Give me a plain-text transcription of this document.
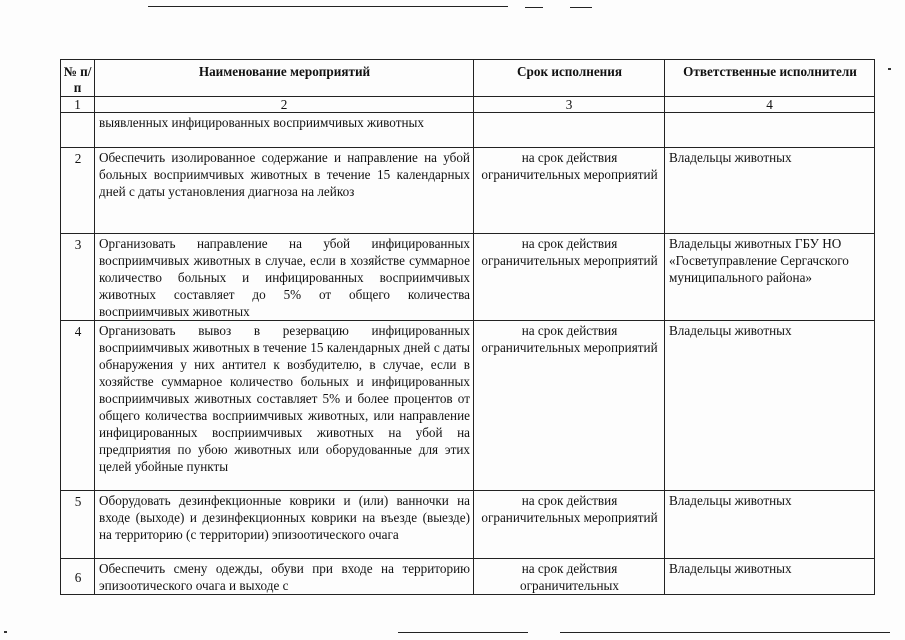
№ п/п	Наименование мероприятий	Срок исполнения	Ответственные исполнители
1	2	3	4
	выявленных инфицированных восприимчивых животных		
2	Обеспечить изолированное содержание и направление на убой больных восприимчивых животных в течение 15 календарных дней с даты установления диагноза на лейкоз	на срок действия ограничительных мероприятий	Владельцы животных
3	Организовать направление на убой инфицированных восприимчивых животных в случае, если в хозяйстве суммарное количество больных и инфицированных восприимчивых животных составляет до 5% от общего количества восприимчивых животных	на срок действия ограничительных мероприятий	Владельцы животных ГБУ НО «Госветуправление Сергачского муниципального района»
4	Организовать вывоз в резервацию инфицированных восприимчивых животных в течение 15 календарных дней с даты обнаружения у них антител к возбудителю, в случае, если в хозяйстве суммарное количество больных и инфицированных восприимчивых животных составляет 5% и более процентов от общего количества восприимчивых животных, или направление инфицированных восприимчивых животных на убой на предприятия по убою животных или оборудованные для этих целей убойные пункты	на срок действия ограничительных мероприятий	Владельцы животных
5	Оборудовать дезинфекционные коврики и (или) ванночки на входе (выходе) и дезинфекционных коврики на въезде (выезде) на территорию (с территории) эпизоотического очага	на срок действия ограничительных мероприятий	Владельцы животных
6	Обеспечить смену одежды, обуви при входе на территорию эпизоотического очага и выходе с	на срок действия ограничительных	Владельцы животных
